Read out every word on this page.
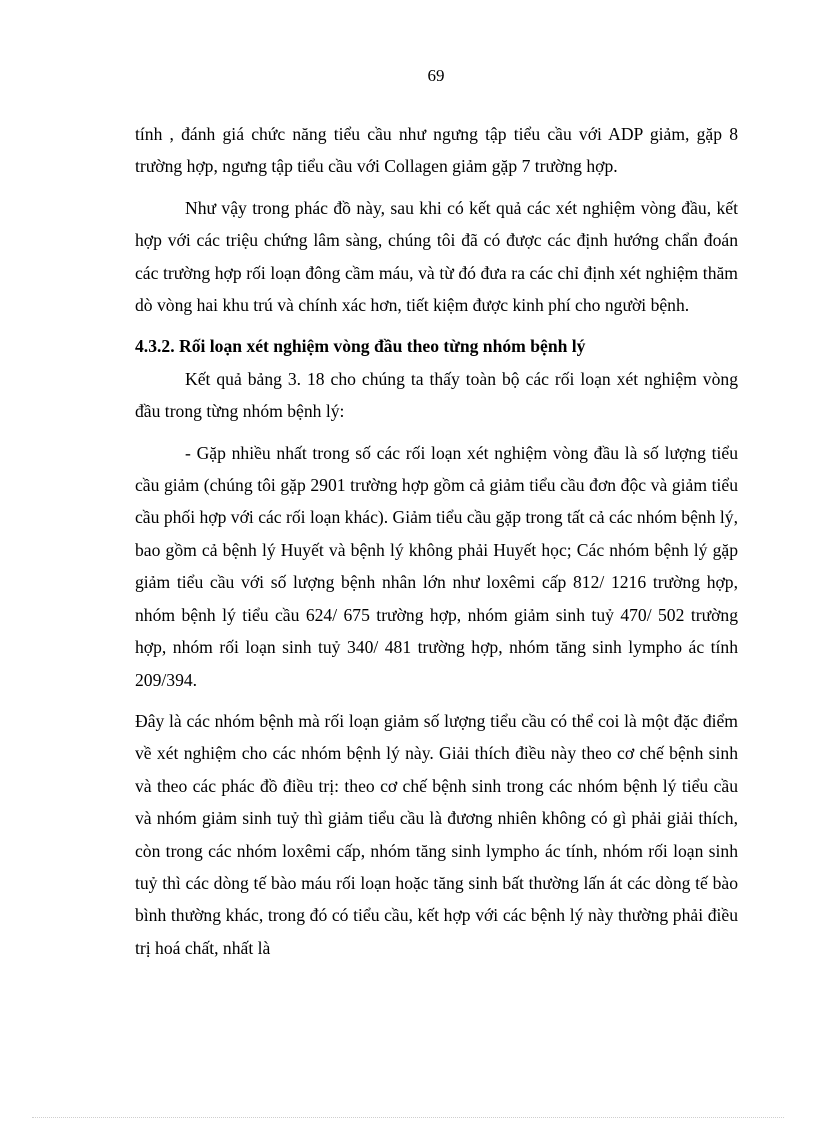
69

tính , đánh giá chức năng tiểu cầu như ngưng tập tiểu cầu với ADP giảm, gặp 8 trường hợp, ngưng tập tiểu cầu với Collagen giảm gặp 7 trường hợp.

Như vậy trong phác đồ này, sau khi có kết quả các xét nghiệm vòng đầu, kết hợp với các triệu chứng lâm sàng, chúng tôi đã có được các định hướng chẩn đoán các trường hợp rối loạn đông cầm máu, và từ đó đưa ra các chỉ định xét nghiệm thăm dò vòng hai khu trú và chính xác hơn, tiết kiệm được kinh phí cho người bệnh.

4.3.2. Rối loạn xét nghiệm vòng đầu theo từng nhóm bệnh lý

Kết quả bảng 3. 18 cho chúng ta thấy toàn bộ các rối loạn xét nghiệm vòng đầu trong từng nhóm bệnh lý:

- Gặp nhiều nhất trong số các rối loạn xét nghiệm vòng đầu là số lượng tiểu cầu giảm (chúng tôi gặp 2901 trường hợp gồm cả giảm tiểu cầu đơn độc và giảm tiểu cầu phối hợp với các rối loạn khác). Giảm tiểu cầu gặp trong tất cả các nhóm bệnh lý, bao gồm cả bệnh lý Huyết và bệnh lý không phải Huyết học; Các nhóm bệnh lý gặp giảm tiểu cầu với số lượng bệnh nhân lớn như loxêmi cấp 812/ 1216 trường hợp, nhóm bệnh lý tiểu cầu 624/ 675 trường hợp, nhóm giảm sinh tuỷ 470/ 502 trường hợp, nhóm rối loạn sinh tuỷ 340/ 481 trường hợp, nhóm tăng sinh lympho ác tính 209/394.

Đây là các nhóm bệnh mà rối loạn giảm số lượng tiểu cầu có thể coi là một đặc điểm về xét nghiệm cho các nhóm bệnh lý này. Giải thích điều này theo cơ chế bệnh sinh và theo các phác đồ điều trị: theo cơ chế bệnh sinh trong các nhóm bệnh lý tiểu cầu và nhóm giảm sinh tuỷ thì giảm tiểu cầu là đương nhiên không có gì phải giải thích, còn trong các nhóm loxêmi cấp, nhóm tăng sinh lympho ác tính, nhóm rối loạn sinh tuỷ thì các dòng tế bào máu rối loạn hoặc tăng sinh bất thường lấn át các dòng tế bào bình thường khác, trong đó có tiểu cầu, kết hợp với các bệnh lý này thường phải điều trị hoá chất, nhất là
